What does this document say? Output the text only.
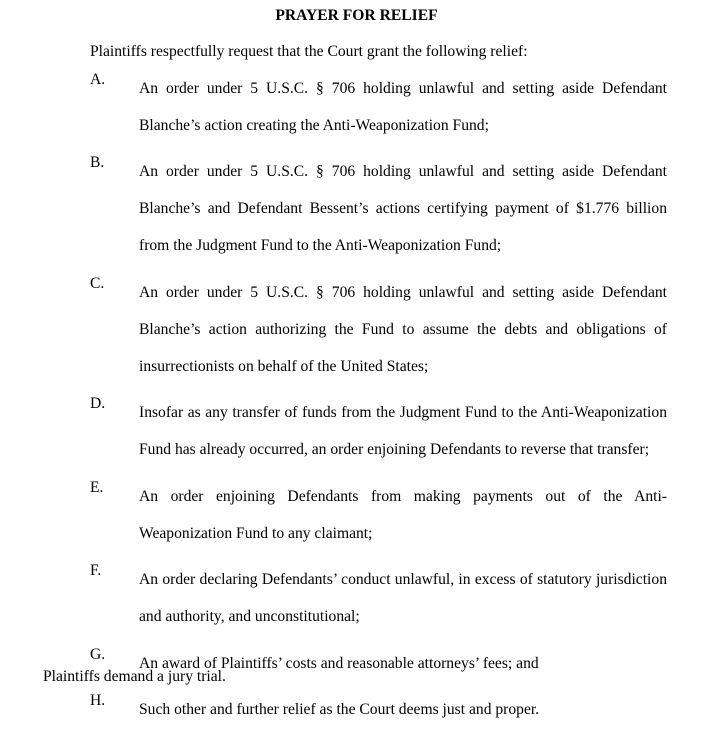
PRAYER FOR RELIEF
Plaintiffs respectfully request that the Court grant the following relief:
A.
An order under 5 U.S.C. § 706 holding unlawful and setting aside Defendant Blanche’s action creating the Anti-Weaponization Fund;
B.
An order under 5 U.S.C. § 706 holding unlawful and setting aside Defendant Blanche’s and Defendant Bessent’s actions certifying payment of $1.776 billion from the Judgment Fund to the Anti-Weaponization Fund;
C.
An order under 5 U.S.C. § 706 holding unlawful and setting aside Defendant Blanche’s action authorizing the Fund to assume the debts and obligations of insurrectionists on behalf of the United States;
D.
Insofar as any transfer of funds from the Judgment Fund to the Anti-Weaponization Fund has already occurred, an order enjoining Defendants to reverse that transfer;
E.
An order enjoining Defendants from making payments out of the Anti-Weaponization Fund to any claimant;
F.
An order declaring Defendants’ conduct unlawful, in excess of statutory jurisdiction and authority, and unconstitutional;
G.
An award of Plaintiffs’ costs and reasonable attorneys’ fees; and
H.
Such other and further relief as the Court deems just and proper.
Plaintiffs demand a jury trial.
